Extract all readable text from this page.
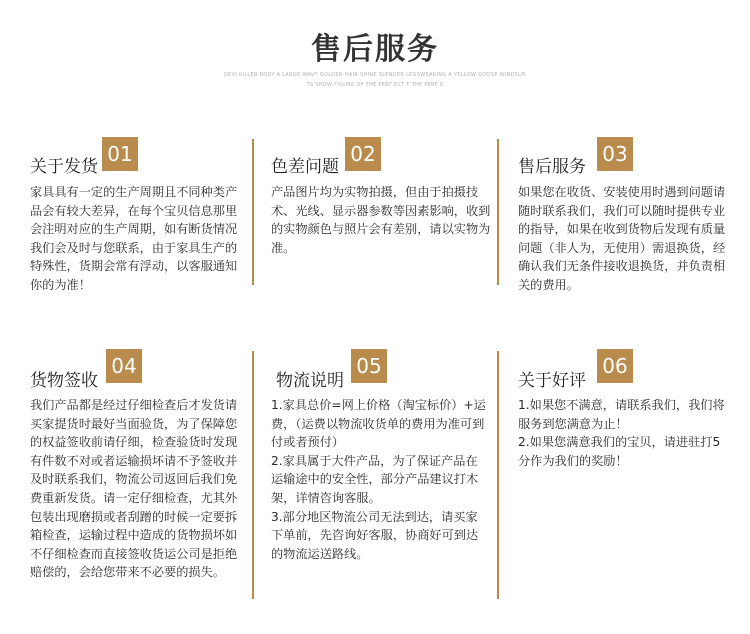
售后服务
DEVI KILLER BODY A LARGE WAVY GOLDEN HAIR SHINE SLENDER LEGSWEARING A YELLOW GOOSE WINDSUR
TS SHOW FIGURE OF THE PERF ECT F THE PERF E
关于发货
01

家具具有一定的生产周期且不同种类产品会有较大差异，在每个宝贝信息那里会注明对应的生产周期，如有断货情况我们会及时与您联系，由于家具生产的特殊性，货期会常有浮动，以客服通知你的为准！

色差问题
02

产品图片均为实物拍摄，但由于拍摄技术、光线、显示器参数等因素影响，收到的实物颜色与照片会有差别，请以实物为准。

售后服务
03

如果您在收货、安装使用时遇到问题请随时联系我们，我们可以随时提供专业的指导，如果在收到货物后发现有质量问题（非人为，无使用）需退换货，经确认我们无条件接收退换货，并负责相关的费用。

货物签收
04

我们产品都是经过仔细检查后才发货请买家提货时最好当面验货，为了保障您的权益签收前请仔细，检查验货时发现有件数不对或者运输损坏请不予签收并及时联系我们，物流公司返回后我们免费重新发货。请一定仔细检查，尤其外包装出现磨损或者刮蹭的时候一定要拆箱检查，运输过程中造成的货物损坏如不仔细检查而直接签收货运公司是拒绝赔偿的，会给您带来不必要的损失。

物流说明
05

1.家具总价=网上价格（淘宝标价）+运费，（运费以物流收货单的费用为准可到付或者预付）

2.家具属于大件产品，为了保证产品在运输途中的安全性，部分产品建议打木架，详情咨询客服。

3.部分地区物流公司无法到达，请买家下单前，先咨询好客服，协商好可到达的物流运送路线。

关于好评
06

1.如果您不满意，请联系我们，我们将服务到您满意为止！

2.如果您满意我们的宝贝，请进驻打5分作为我们的奖励！
